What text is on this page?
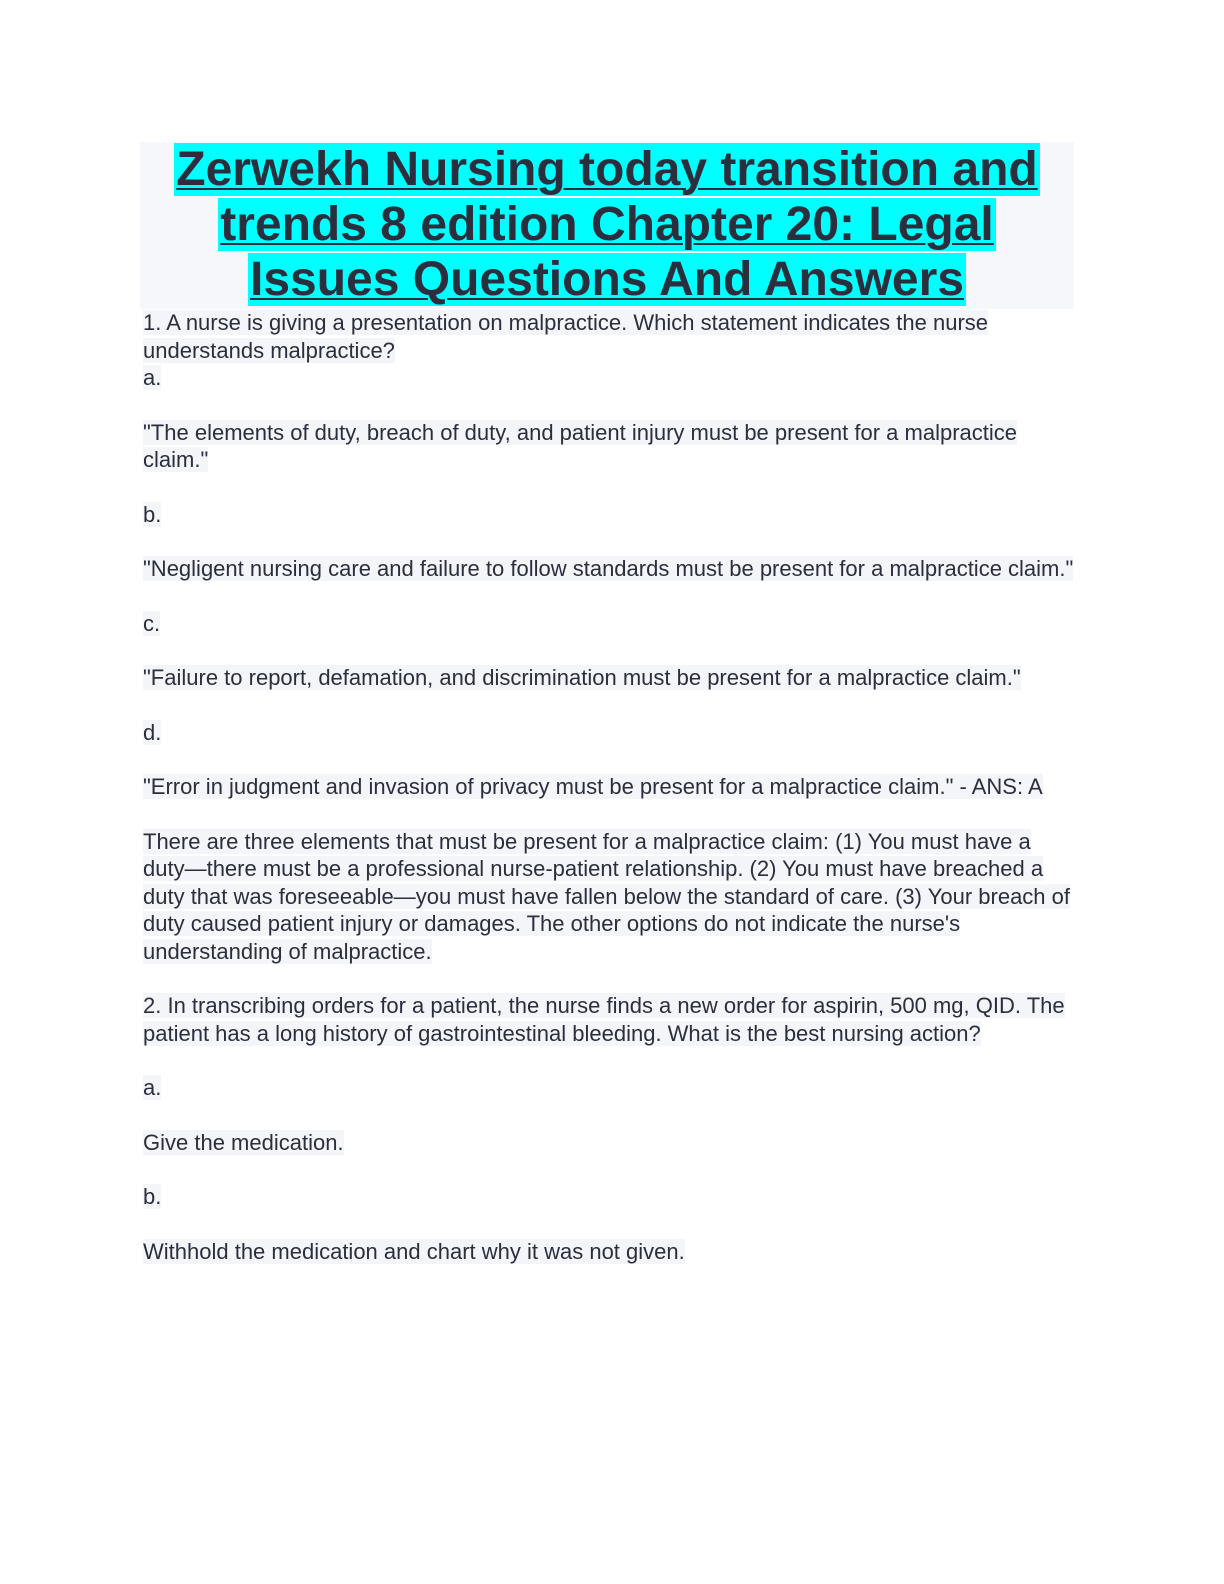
Zerwekh Nursing today transition and trends 8 edition Chapter 20: Legal Issues Questions And Answers
1. A nurse is giving a presentation on malpractice. Which statement indicates the nurse understands malpractice?
a.
"The elements of duty, breach of duty, and patient injury must be present for a malpractice claim."
b.
"Negligent nursing care and failure to follow standards must be present for a malpractice claim."
c.
"Failure to report, defamation, and discrimination must be present for a malpractice claim."
d.
"Error in judgment and invasion of privacy must be present for a malpractice claim." - ANS: A
There are three elements that must be present for a malpractice claim: (1) You must have a duty—there must be a professional nurse-patient relationship. (2) You must have breached a duty that was foreseeable—you must have fallen below the standard of care. (3) Your breach of duty caused patient injury or damages. The other options do not indicate the nurse's understanding of malpractice.
2. In transcribing orders for a patient, the nurse finds a new order for aspirin, 500 mg, QID. The patient has a long history of gastrointestinal bleeding. What is the best nursing action?
a.
Give the medication.
b.
Withhold the medication and chart why it was not given.
